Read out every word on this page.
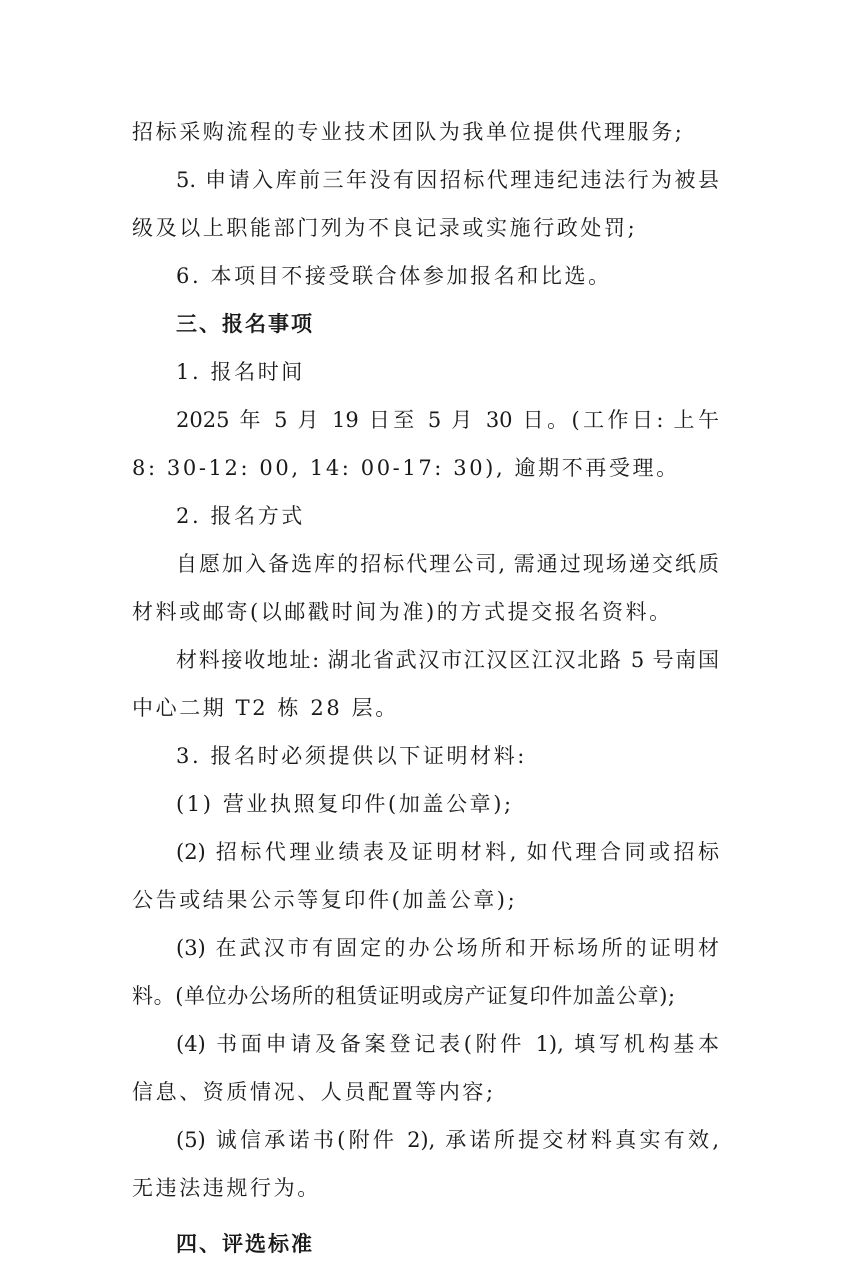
招标采购流程的专业技术团队为我单位提供代理服务;

5. 申请入库前三年没有因招标代理违纪违法行为被县

级及以上职能部门列为不良记录或实施行政处罚;

6. 本项目不接受联合体参加报名和比选。

三、报名事项

1. 报名时间

2025 年 5 月 19 日至 5 月 30 日。(工作日: 上午

8: 30-12: 00, 14: 00-17: 30), 逾期不再受理。

2. 报名方式

自愿加入备选库的招标代理公司, 需通过现场递交纸质

材料或邮寄(以邮戳时间为准)的方式提交报名资料。

材料接收地址: 湖北省武汉市江汉区江汉北路 5 号南国

中心二期 T2 栋 28 层。

3. 报名时必须提供以下证明材料:

(1) 营业执照复印件(加盖公章);

(2) 招标代理业绩表及证明材料, 如代理合同或招标

公告或结果公示等复印件(加盖公章);

(3) 在武汉市有固定的办公场所和开标场所的证明材

料。(单位办公场所的租赁证明或房产证复印件加盖公章);

(4) 书面申请及备案登记表(附件 1), 填写机构基本

信息、资质情况、人员配置等内容;

(5) 诚信承诺书(附件 2), 承诺所提交材料真实有效,

无违法违规行为。

四、评选标准
